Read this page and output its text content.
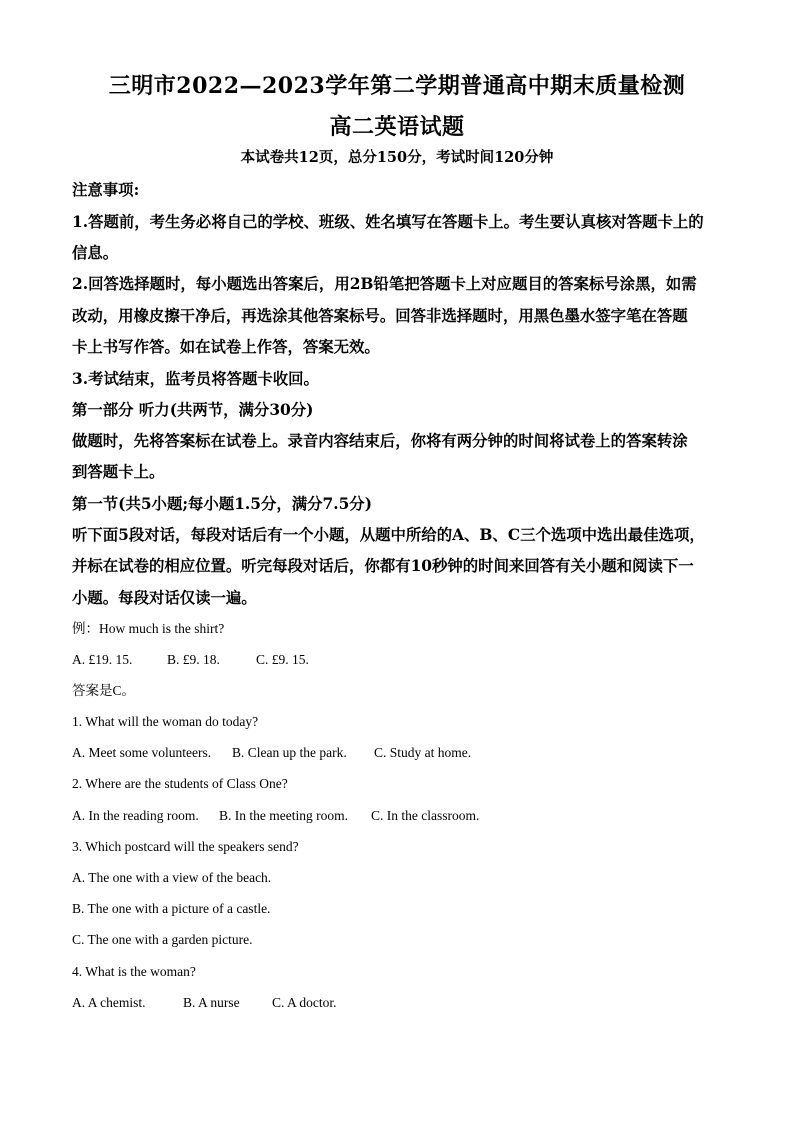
三明市2022—2023学年第二学期普通高中期末质量检测
高二英语试题
本试卷共12页，总分150分，考试时间120分钟
注意事项:
1.答题前，考生务必将自己的学校、班级、姓名填写在答题卡上。考生要认真核对答题卡上的
信息。
2.回答选择题时，每小题选出答案后，用2B铅笔把答题卡上对应题目的答案标号涂黑，如需
改动，用橡皮擦干净后，再选涂其他答案标号。回答非选择题时，用黑色墨水签字笔在答题
卡上书写作答。如在试卷上作答，答案无效。
3.考试结束，监考员将答题卡收回。
第一部分 听力(共两节，满分30分)
做题时，先将答案标在试卷上。录音内容结束后，你将有两分钟的时间将试卷上的答案转涂
到答题卡上。
第一节(共5小题;每小题1.5分，满分7.5分)
听下面5段对话，每段对话后有一个小题，从题中所给的A、B、C三个选项中选出最佳选项，
并标在试卷的相应位置。听完每段对话后，你都有10秒钟的时间来回答有关小题和阅读下一
小题。每段对话仅读一遍。
例：How much is the shirt?
A. £19. 15.	B. £9. 18.	C. £9. 15.
答案是C。
1. What will the woman do today?
A. Meet some volunteers. B. Clean up the park. C. Study at home.
2. Where are the students of Class One?
A. In the reading room. B. In the meeting room. C. In the classroom.
3. Which postcard will the speakers send?
A. The one with a view of the beach.
B. The one with a picture of a castle.
C. The one with a garden picture.
4. What is the woman?
A. A chemist.	B. A nurse C. A doctor.
